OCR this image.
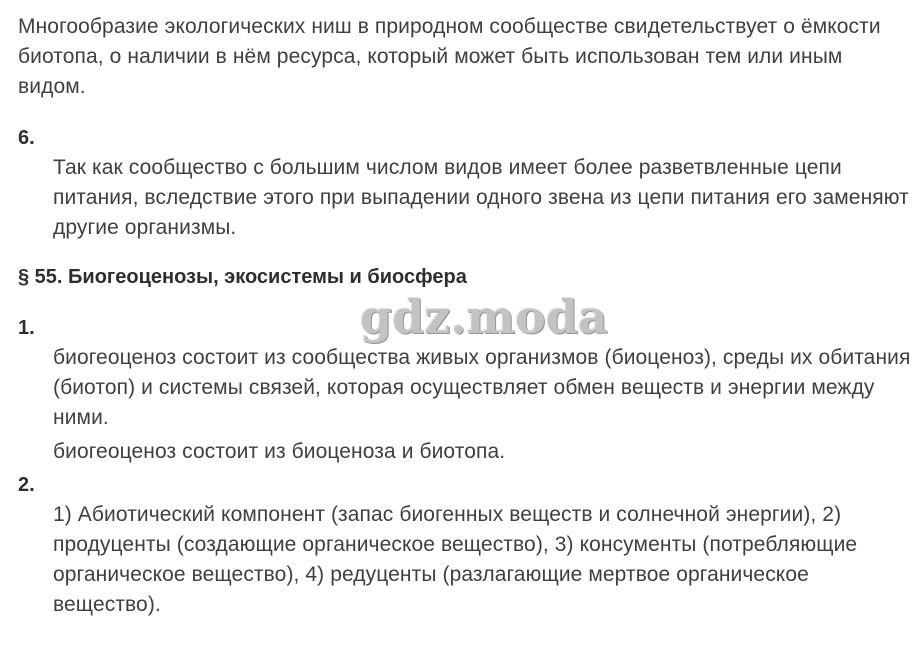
Многообразие экологических ниш в природном сообществе свидетельствует о ёмкости биотопа, о наличии в нём ресурса, который может быть использован тем или иным видом.

6.

Так как сообщество с большим числом видов имеет более разветвленные цепи питания, вследствие этого при выпадении одного звена из цепи питания его заменяют другие организмы.

§ 55. Биогеоценозы, экосистемы и биосфера

gdz.moda

1.

биогеоценоз состоит из сообщества живых организмов (биоценоз), среды их обитания (биотоп) и системы связей, которая осуществляет обмен веществ и энергии между ними.

биогеоценоз состоит из биоценоза и биотопа.

2.

1) Абиотический компонент (запас биогенных веществ и солнечной энергии), 2) продуценты (создающие органическое вещество), 3) консументы (потребляющие органическое вещество), 4) редуценты (разлагающие мертвое органическое вещество).
